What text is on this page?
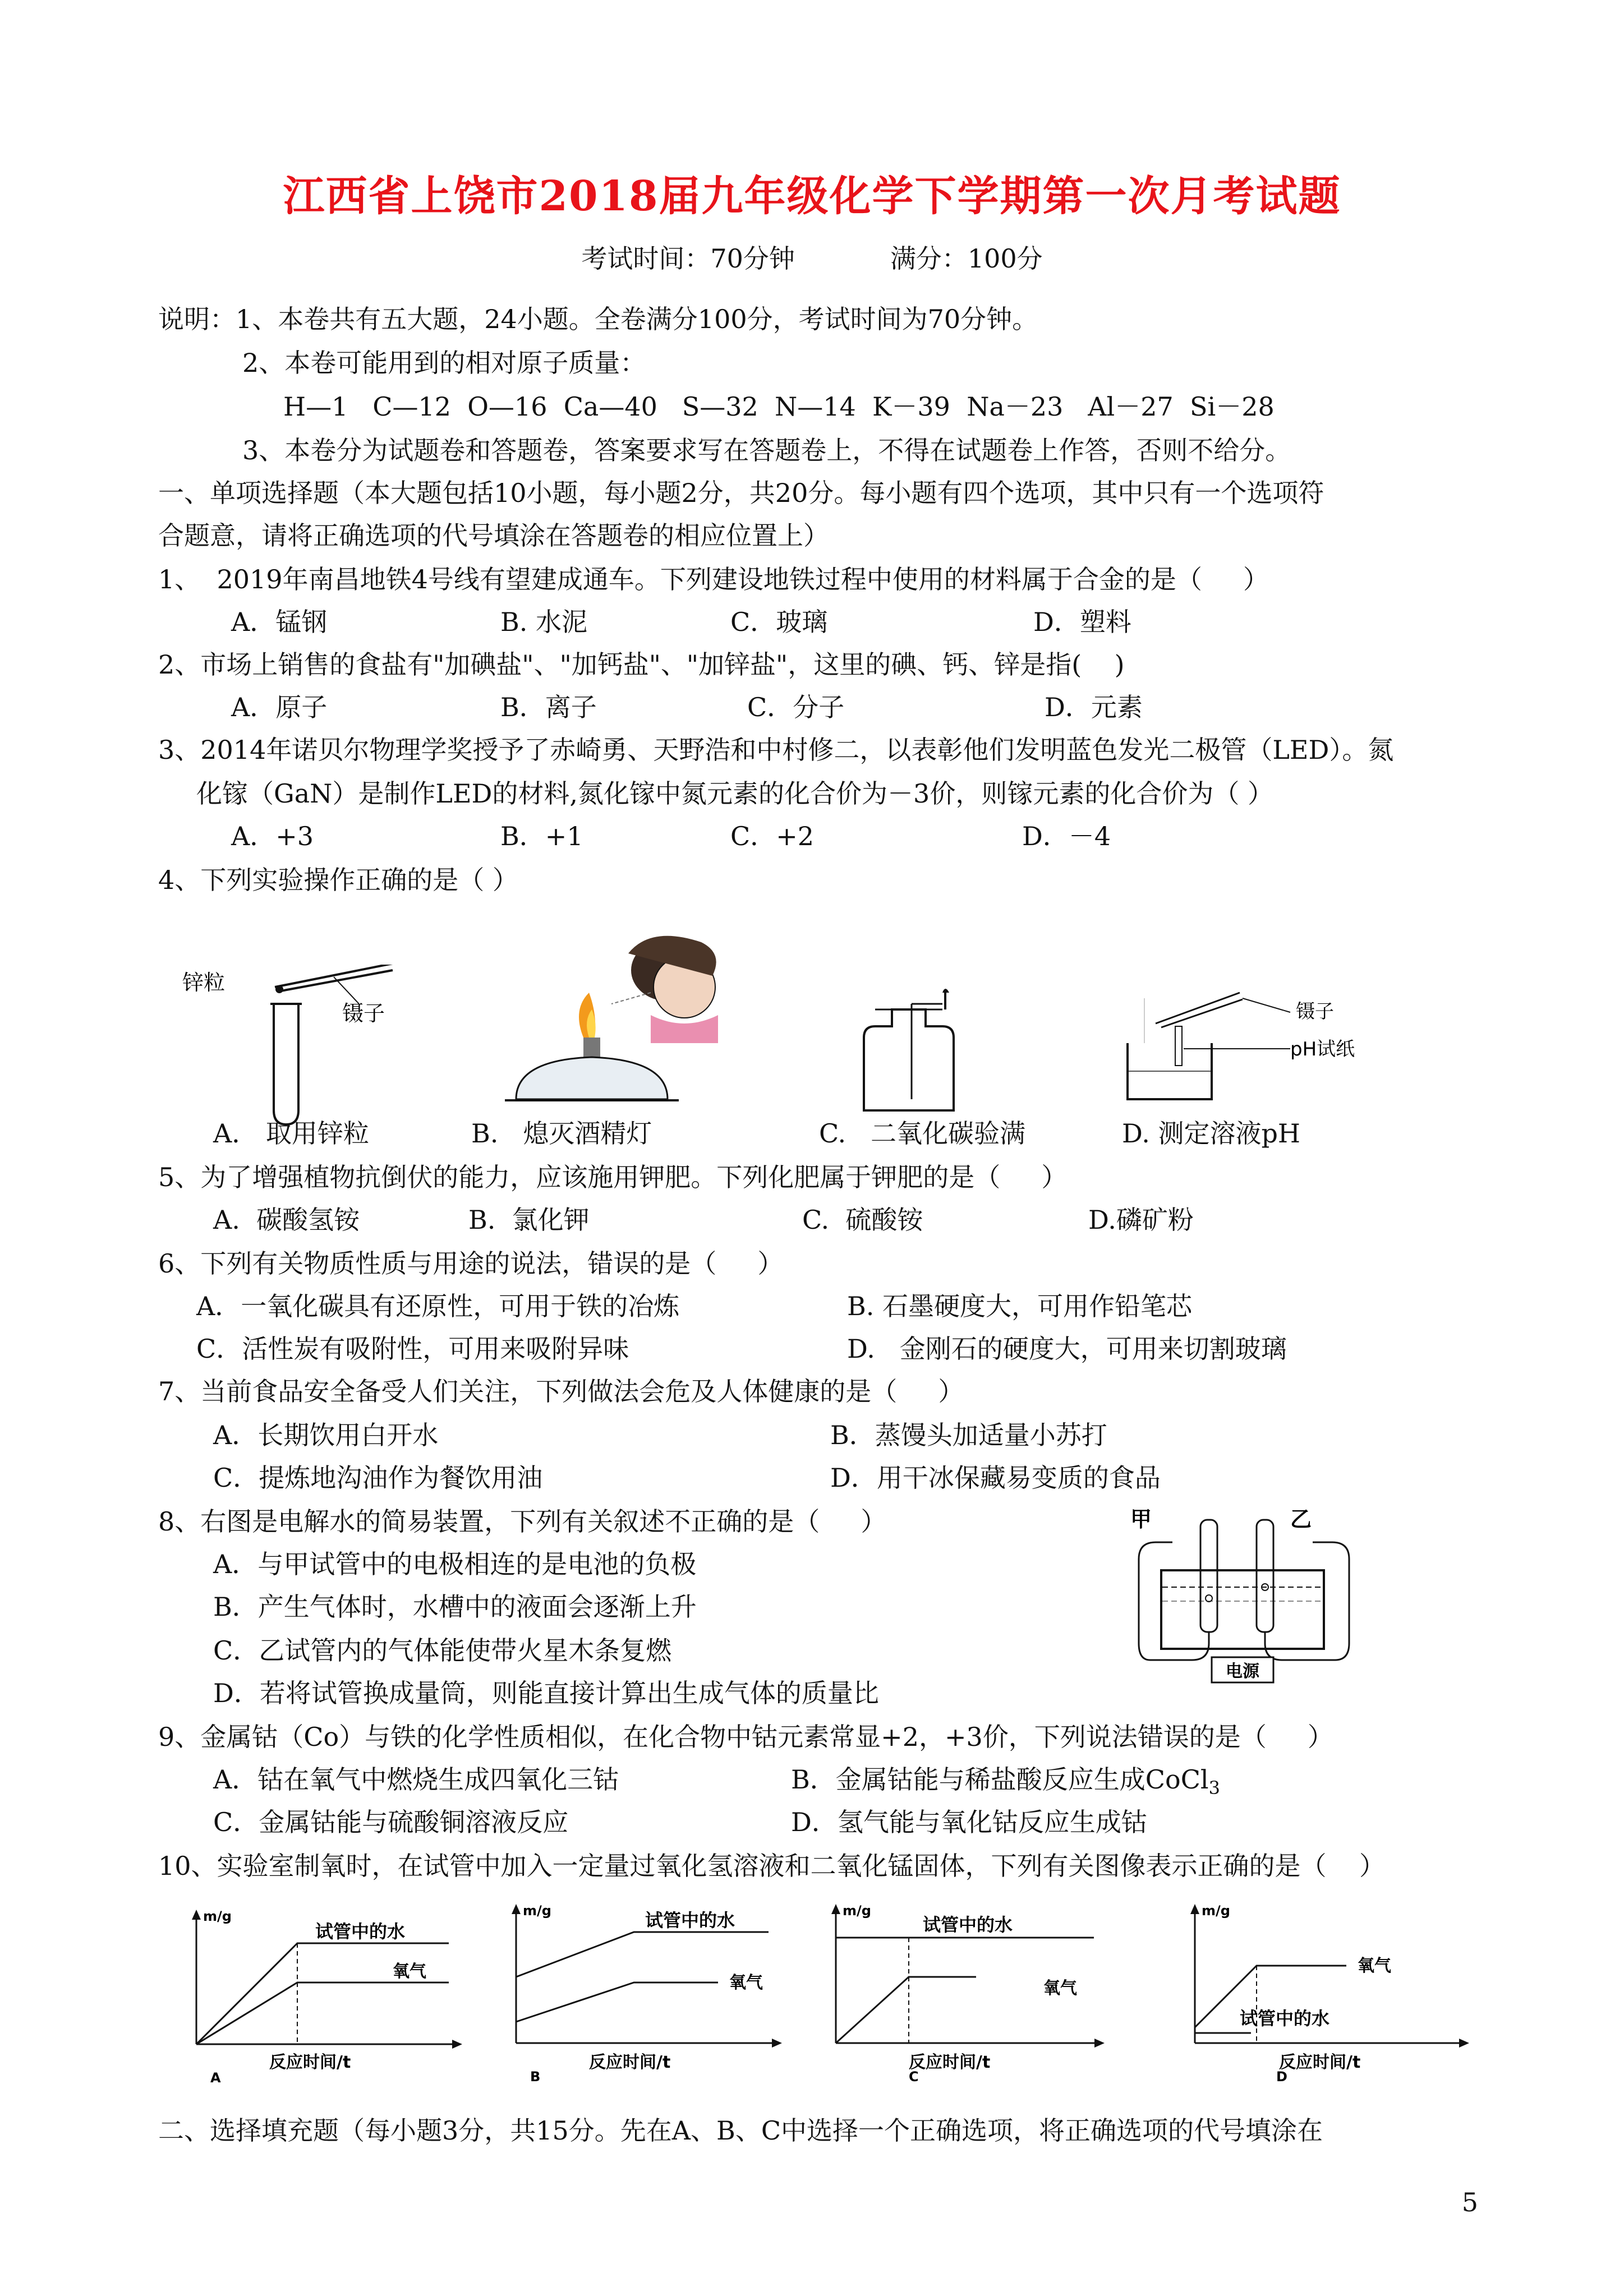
江西省上饶市2018届九年级化学下学期第一次月考试题
考试时间：70分钟	满分：100分
说明：1、本卷共有五大题，24小题。全卷满分100分，考试时间为70分钟。
2、本卷可能用到的相对原子质量：
H—1   C—12  O—16  Ca—40   S—32  N—14  K－39  Na－23   Al－27  Si－28
3、本卷分为试题卷和答题卷，答案要求写在答题卷上，不得在试题卷上作答，否则不给分。
一、单项选择题（本大题包括10小题，每小题2分，共20分。每小题有四个选项，其中只有一个选项符
合题意，请将正确选项的代号填涂在答题卷的相应位置上）
1、  2019年南昌地铁4号线有望建成通车。下列建设地铁过程中使用的材料属于合金的是（     ）
A．锰钢	B. 水泥	C．玻璃	D．塑料
2、市场上销售的食盐有"加碘盐"、"加钙盐"、"加锌盐"，这里的碘、钙、锌是指(    )
A．原子	B．离子	C．分子	D．元素
3、2014年诺贝尔物理学奖授予了赤崎勇、天野浩和中村修二，以表彰他们发明蓝色发光二极管（LED）。氮
化镓（GaN）是制作LED的材料,氮化镓中氮元素的化合价为－3价，则镓元素的化合价为（ ）
A．+3	B．+1	C．+2	D．－4
4、下列实验操作正确的是（ ）
锌粒
镊子	镊子
pH试纸
A． 取用锌粒	B.   熄灭酒精灯	C.   二氧化碳验满	D. 测定溶液pH
5、为了增强植物抗倒伏的能力，应该施用钾肥。下列化肥属于钾肥的是（     ）
A.  碳酸氢铵	B.  氯化钾	C.  硫酸铵	D.磷矿粉
6、下列有关物质性质与用途的说法，错误的是（     ）
A．一氧化碳具有还原性，可用于铁的冶炼	B. 石墨硬度大，可用作铅笔芯
C．活性炭有吸附性，可用来吸附异味	D.   金刚石的硬度大，可用来切割玻璃
7、当前食品安全备受人们关注，下列做法会危及人体健康的是（     ）
A．长期饮用白开水	B．蒸馒头加适量小苏打
C．提炼地沟油作为餐饮用油	D．用干冰保藏易变质的食品
8、右图是电解水的简易装置，下列有关叙述不正确的是（     ）
A．与甲试管中的电极相连的是电池的负极
B．产生气体时，水槽中的液面会逐渐上升
C．乙试管内的气体能使带火星木条复燃
D．若将试管换成量筒，则能直接计算出生成气体的质量比
甲	乙
电源
9、金属钴（Co）与铁的化学性质相似，在化合物中钴元素常显+2，+3价，下列说法错误的是（     ）
A．钴在氧气中燃烧生成四氧化三钴	B．金属钴能与稀盐酸反应生成CoCl$_3$
C．金属钴能与硫酸铜溶液反应	D．氢气能与氧化钴反应生成钴
10、实验室制氧时，在试管中加入一定量过氧化氢溶液和二氧化锰固体，下列有关图像表示正确的是（    ）
m/g
反应时间/t
A
试管中的水
氧气
m/g
反应时间/t
B
试管中的水
氧气
m/g
反应时间/t
C
试管中的水
氧气
m/g
反应时间/t
D
氧气
试管中的水
二、选择填充题（每小题3分，共15分。先在A、B、C中选择一个正确选项，将正确选项的代号填涂在
5
